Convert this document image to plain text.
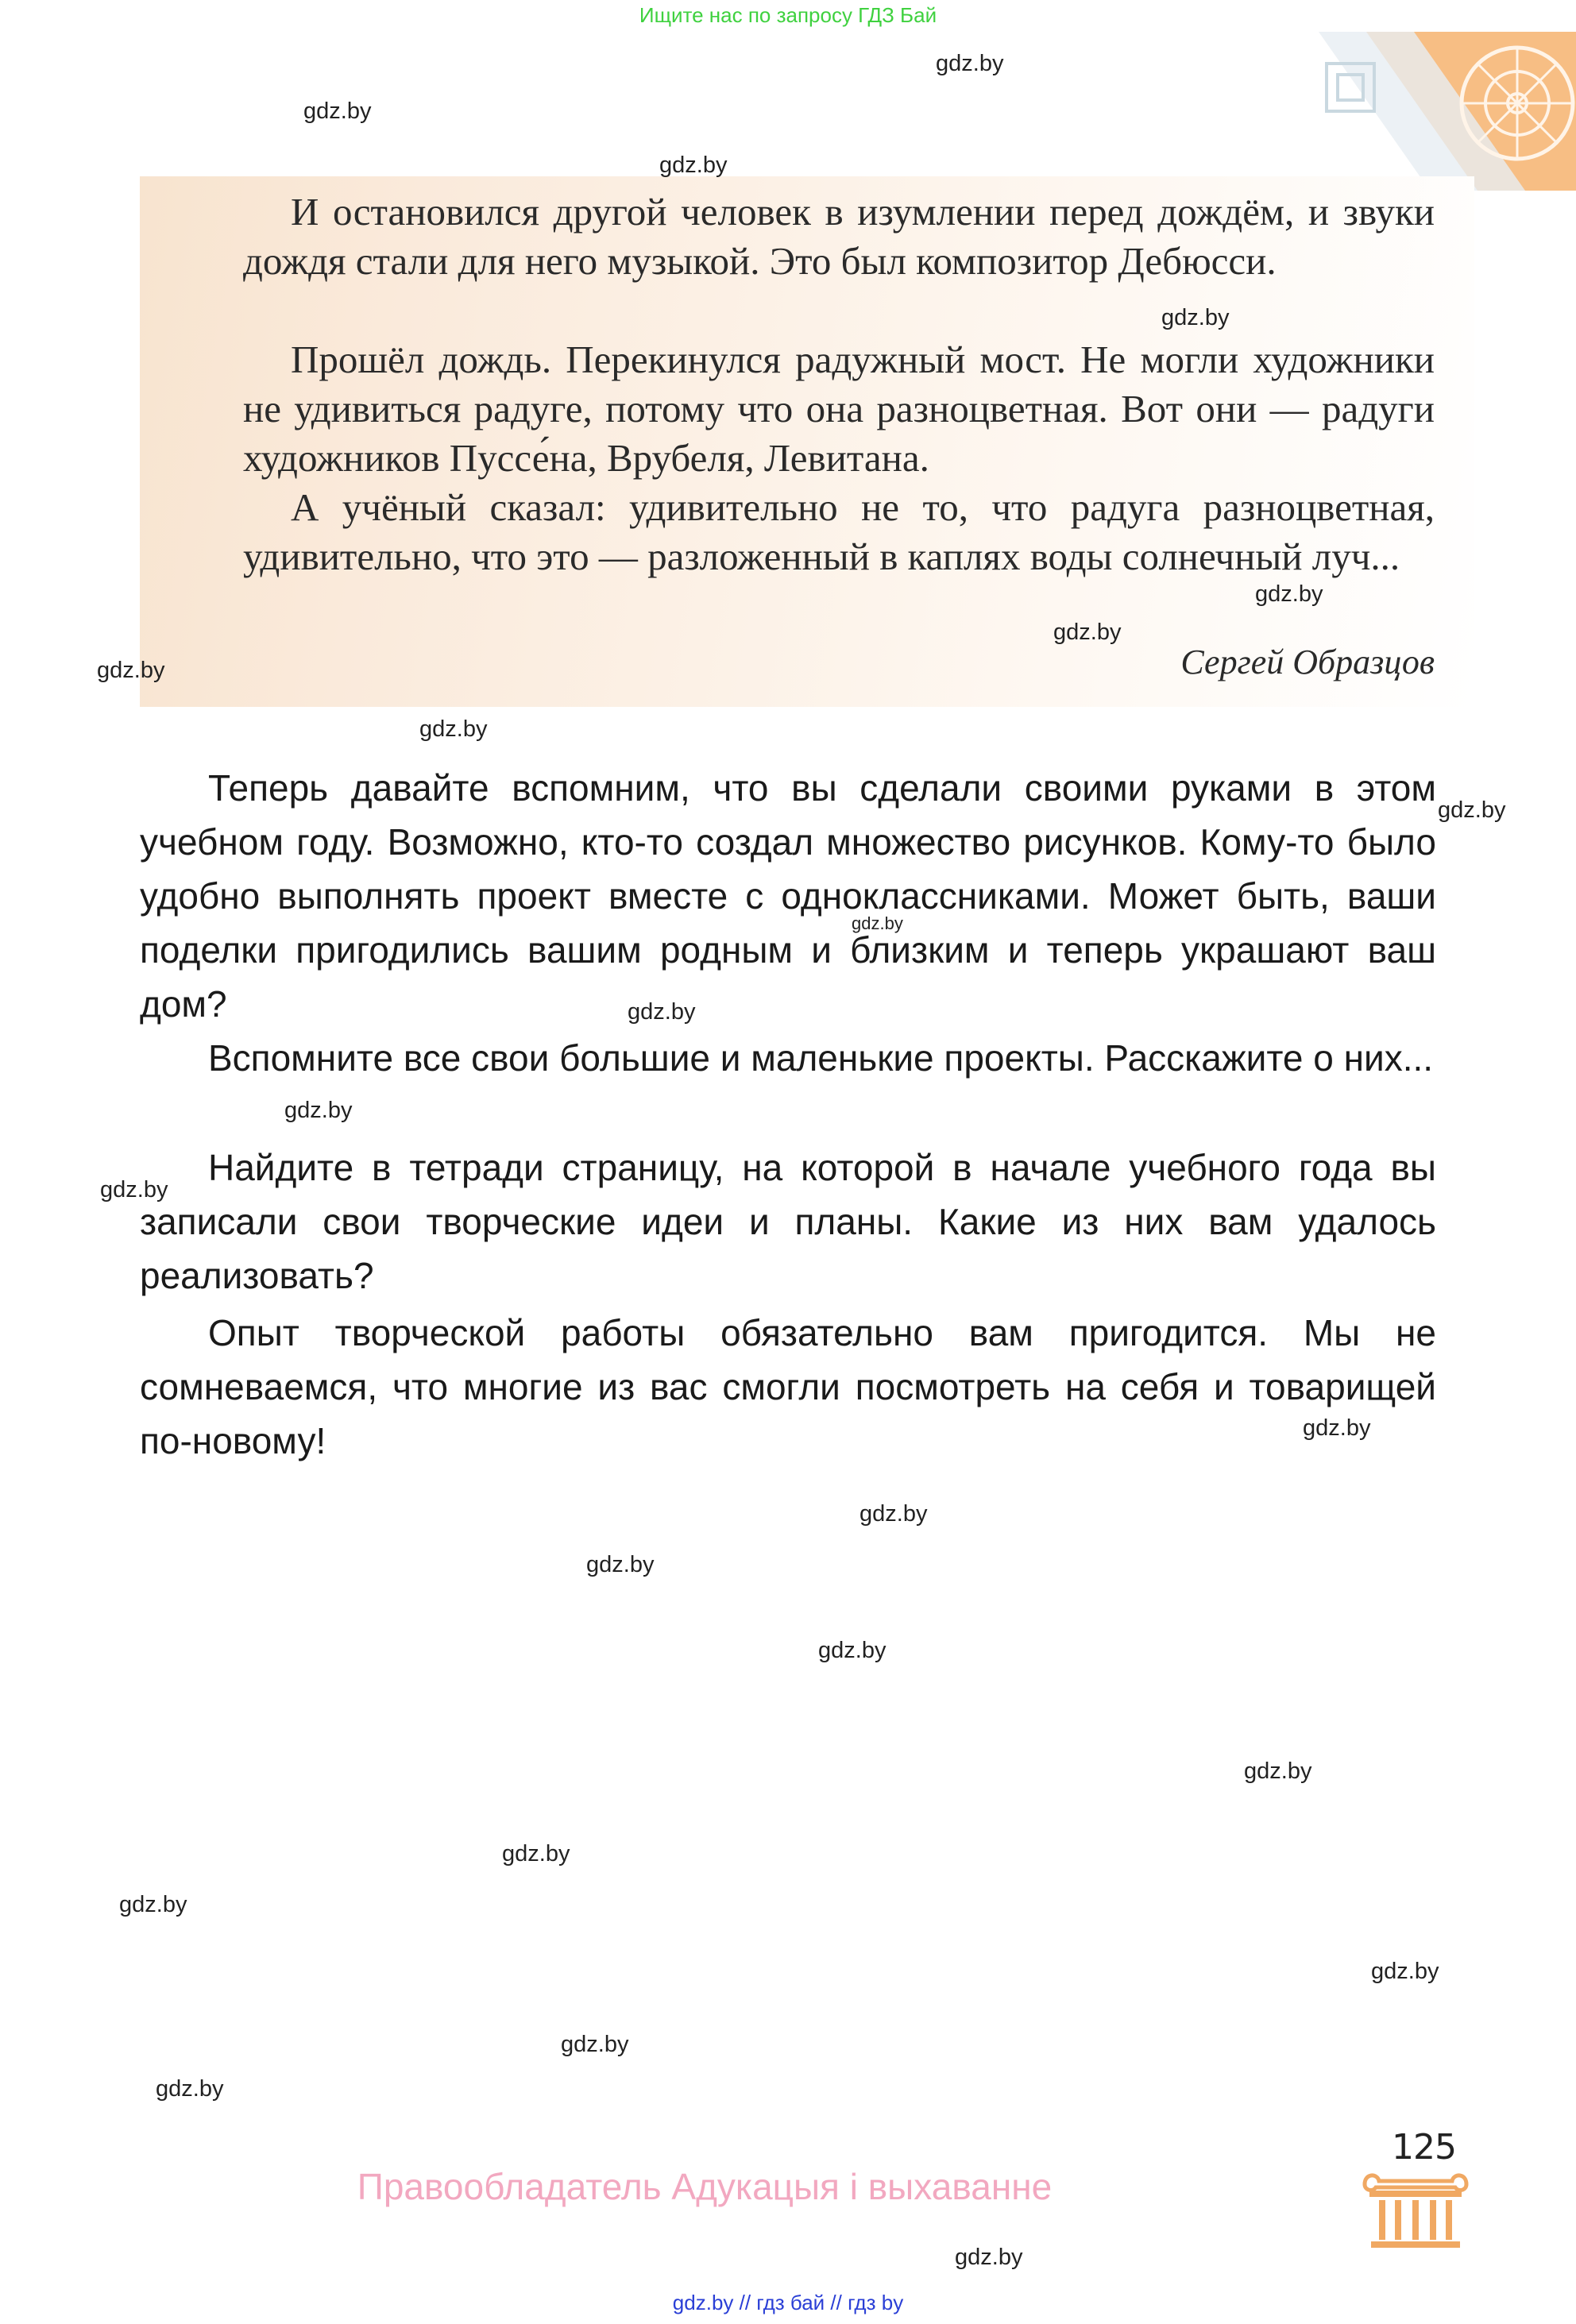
Ищите нас по запросу ГДЗ Бай

И остановился другой человек в изумлении перед дождём, и звуки дождя стали для него музыкой. Это был композитор Дебюсси.

Прошёл дождь. Перекинулся радужный мост. Не могли художники не удивиться радуге, потому что она разноцветная. Вот они — радуги художников Пуссе́на, Врубеля, Левитана.

А учёный сказал: удивительно не то, что радуга разноцветная, удивительно, что это — разложенный в каплях воды солнечный луч...

Сергей Образцов

Теперь давайте вспомним, что вы сделали своими руками в этом учебном году. Возможно, кто-то создал множество рисунков. Кому-то было удобно выполнять проект вместе с одноклассниками. Может быть, ваши поделки пригодились вашим родным и близким и теперь украшают ваш дом?

Вспомните все свои большие и маленькие проекты. Расскажите о них...

Найдите в тетради страницу, на которой в начале учебного года вы записали свои творческие идеи и планы. Какие из них вам удалось реализовать?

Опыт творческой работы обязательно вам пригодится. Мы не сомневаемся, что многие из вас смогли посмотреть на себя и товарищей по-новому!

gdz.by
gdz.by
gdz.by
gdz.by
gdz.by
gdz.by
gdz.by
gdz.by
gdz.by
gdz.by
gdz.by
gdz.by
gdz.by
gdz.by
gdz.by
gdz.by
gdz.by
gdz.by
gdz.by
gdz.by
gdz.by
gdz.by
gdz.by
gdz.by
125
Правообладатель Адукацыя і выхаванне
gdz.by // гдз бай // гдз by
